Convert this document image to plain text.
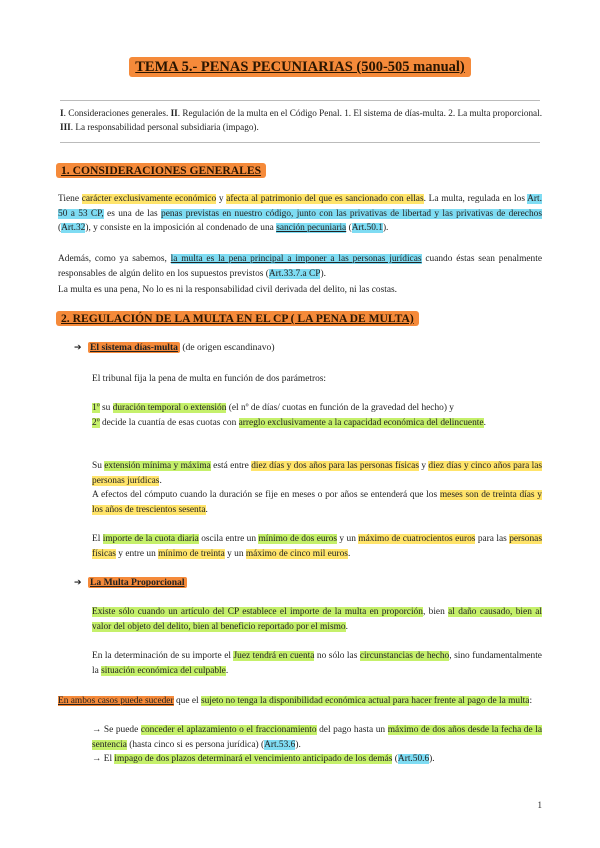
TEMA 5.- PENAS PECUNIARIAS (500-505 manual)
I. Consideraciones generales. II. Regulación de la multa en el Código Penal. 1. El sistema de días-multa. 2. La multa proporcional. III. La responsabilidad personal subsidiaria (impago).
1. CONSIDERACIONES GENERALES
Tiene carácter exclusivamente económico y afecta al patrimonio del que es sancionado con ellas. La multa, regulada en los Art. 50 a 53 CP, es una de las penas previstas en nuestro código, junto con las privativas de libertad y las privativas de derechos (Art.32), y consiste en la imposición al condenado de una sanción pecuniaria (Art.50.1).
Además, como ya sabemos, la multa es la pena principal a imponer a las personas jurídicas cuando éstas sean penalmente responsables de algún delito en los supuestos previstos (Art.33.7.a CP).
La multa es una pena, No lo es ni la responsabilidad civil derivada del delito, ni las costas.
2. REGULACIÓN DE LA MULTA EN EL CP ( LA PENA DE MULTA)
➔ El sistema días-multa (de origen escandinavo)
El tribunal fija la pena de multa en función de dos parámetros:
1º su duración temporal o extensión (el nº de días/ cuotas en función de la gravedad del hecho) y
2º decide la cuantía de esas cuotas con arreglo exclusivamente a la capacidad económica del delincuente.
Su extensión mínima y máxima está entre diez días y dos años para las personas físicas y diez días y cinco años para las personas jurídicas.
A efectos del cómputo cuando la duración se fije en meses o por años se entenderá que los meses son de treinta días y los años de trescientos sesenta.
El importe de la cuota diaria oscila entre un mínimo de dos euros y un máximo de cuatrocientos euros para las personas físicas y entre un mínimo de treinta y un máximo de cinco mil euros.
➔ La Multa Proporcional
Existe sólo cuando un artículo del CP establece el importe de la multa en proporción, bien al daño causado, bien al valor del objeto del delito, bien al beneficio reportado por el mismo.
En la determinación de su importe el Juez tendrá en cuenta no sólo las circunstancias de hecho, sino fundamentalmente la situación económica del culpable.
En ambos casos puede suceder que el sujeto no tenga la disponibilidad económica actual para hacer frente al pago de la multa:
→ Se puede conceder el aplazamiento o el fraccionamiento del pago hasta un máximo de dos años desde la fecha de la sentencia (hasta cinco si es persona jurídica) (Art.53.6).
→ El impago de dos plazos determinará el vencimiento anticipado de los demás (Art.50.6).
1
